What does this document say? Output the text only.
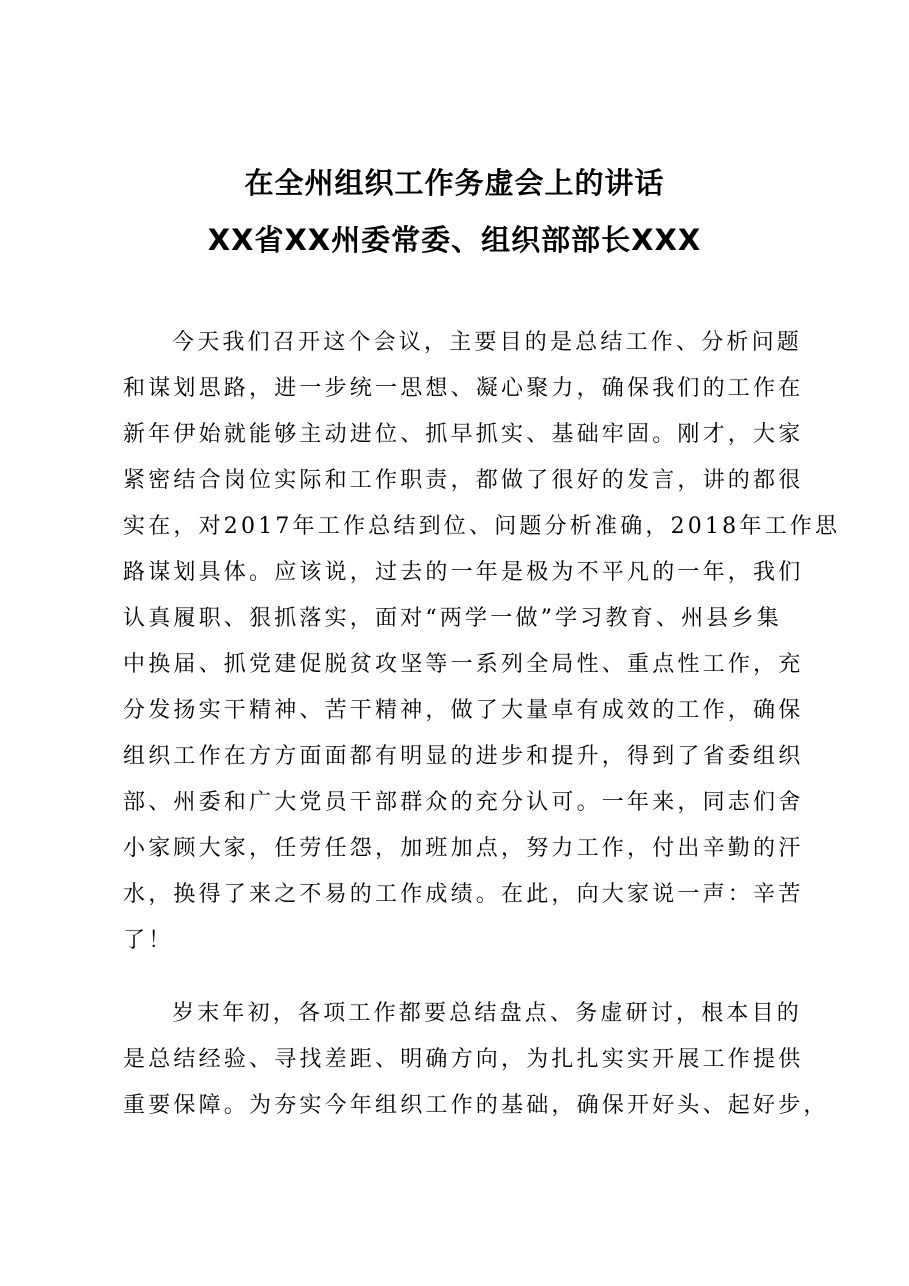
在全州组织工作务虚会上的讲话
XX省XX州委常委、组织部部长XXX
今天我们召开这个会议，主要目的是总结工作、分析问题
和谋划思路，进一步统一思想、凝心聚力，确保我们的工作在
新年伊始就能够主动进位、抓早抓实、基础牢固。刚才，大家
紧密结合岗位实际和工作职责，都做了很好的发言，讲的都很
实在，对2017年工作总结到位、问题分析准确，2018年工作思
路谋划具体。应该说，过去的一年是极为不平凡的一年，我们
认真履职、狠抓落实，面对“两学一做”学习教育、州县乡集
中换届、抓党建促脱贫攻坚等一系列全局性、重点性工作，充
分发扬实干精神、苦干精神，做了大量卓有成效的工作，确保
组织工作在方方面面都有明显的进步和提升，得到了省委组织
部、州委和广大党员干部群众的充分认可。一年来，同志们舍
小家顾大家，任劳任怨，加班加点，努力工作，付出辛勤的汗
水，换得了来之不易的工作成绩。在此，向大家说一声：辛苦
了！
岁末年初，各项工作都要总结盘点、务虚研讨，根本目的
是总结经验、寻找差距、明确方向，为扎扎实实开展工作提供
重要保障。为夯实今年组织工作的基础，确保开好头、起好步，
